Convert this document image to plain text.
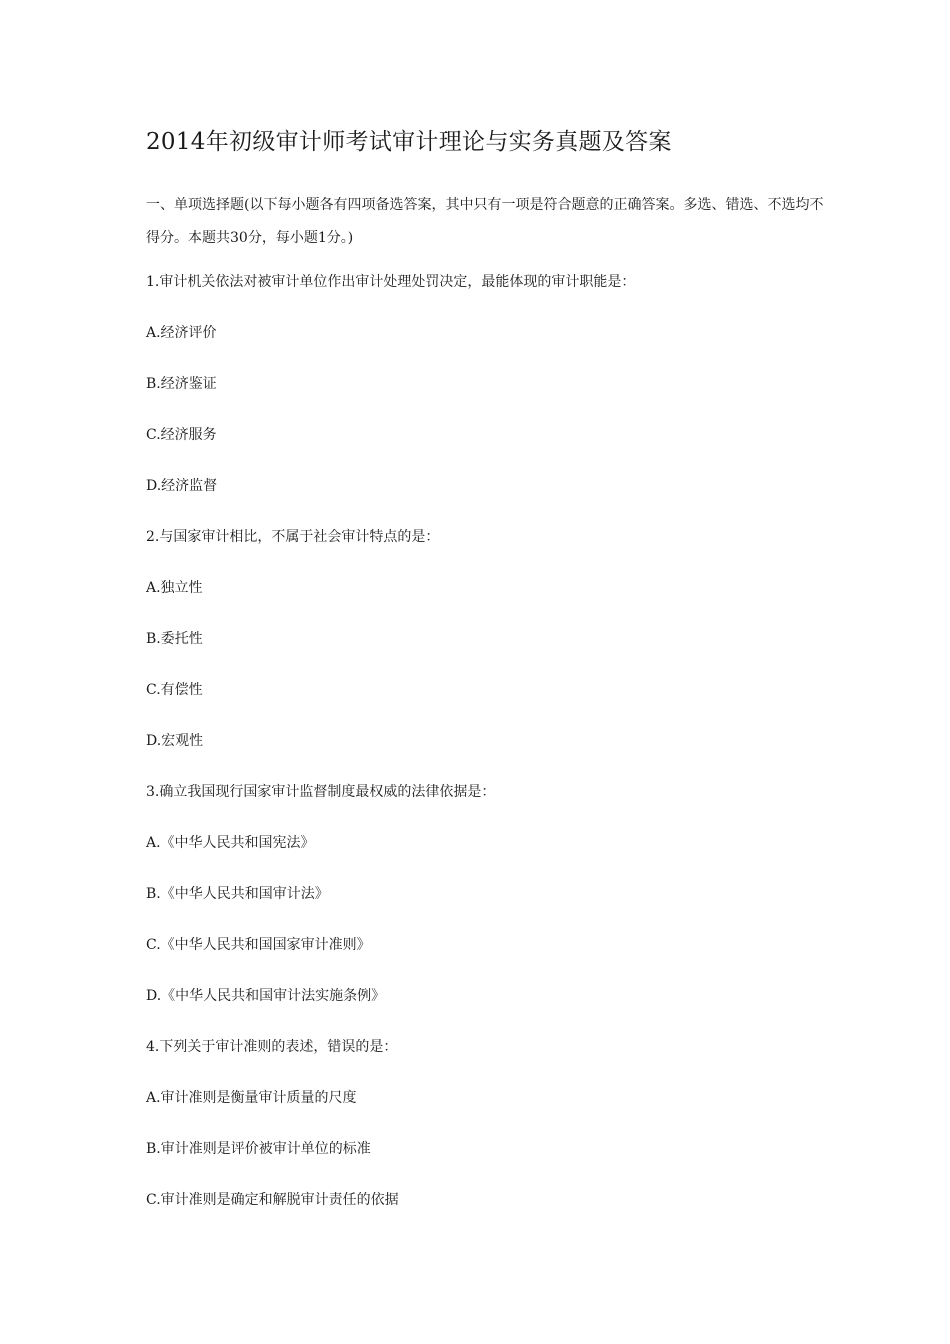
2014年初级审计师考试审计理论与实务真题及答案

一、单项选择题(以下每小题各有四项备选答案，其中只有一项是符合题意的正确答案。多选、错选、不选均不得分。本题共30分，每小题1分。)

1.审计机关依法对被审计单位作出审计处理处罚决定，最能体现的审计职能是：

A.经济评价

B.经济鉴证

C.经济服务

D.经济监督

2.与国家审计相比，不属于社会审计特点的是：

A.独立性

B.委托性

C.有偿性

D.宏观性

3.确立我国现行国家审计监督制度最权威的法律依据是：

A.《中华人民共和国宪法》

B.《中华人民共和国审计法》

C.《中华人民共和国国家审计准则》

D.《中华人民共和国审计法实施条例》

4.下列关于审计准则的表述，错误的是：

A.审计准则是衡量审计质量的尺度

B.审计准则是评价被审计单位的标准

C.审计准则是确定和解脱审计责任的依据
